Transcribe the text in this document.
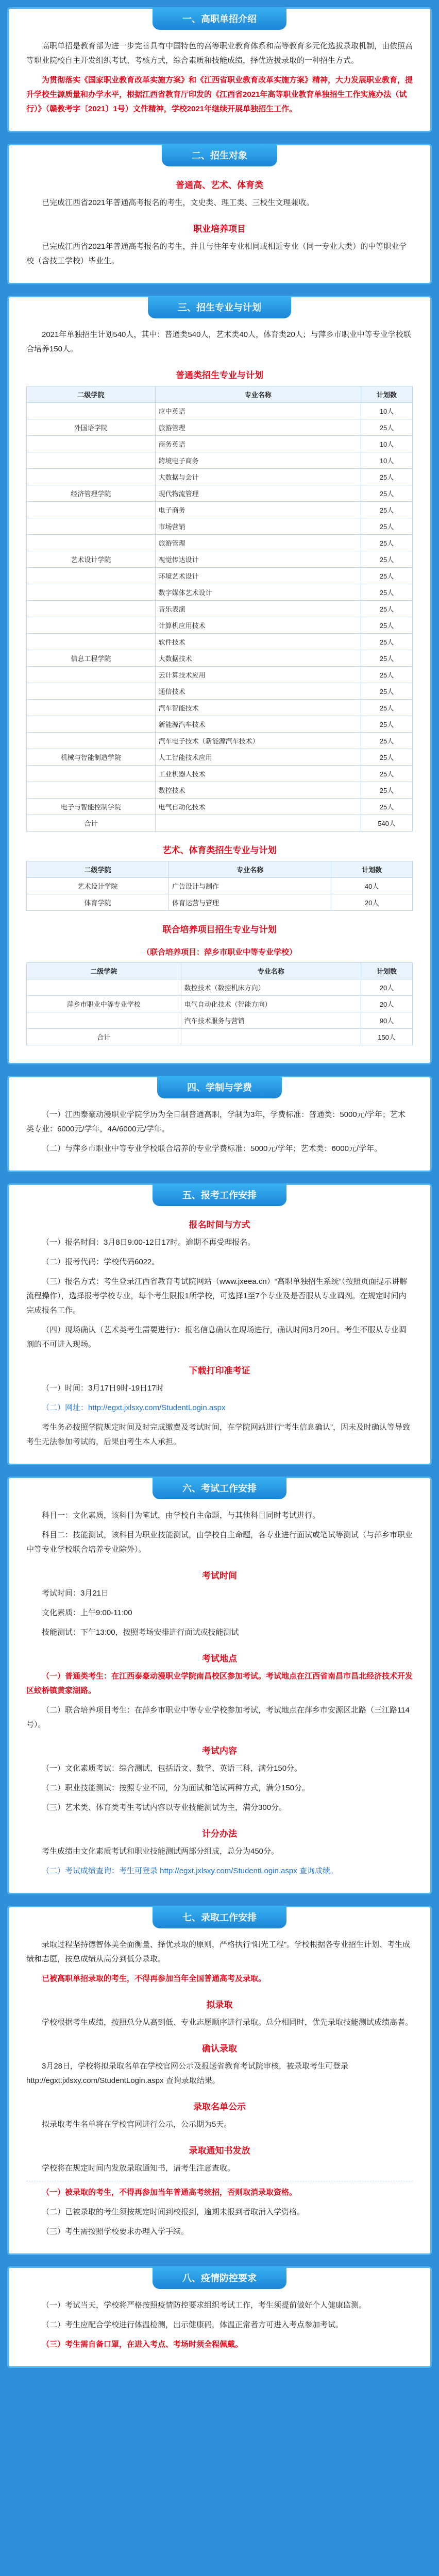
一、高职单招介绍

高职单招是教育部为进一步完善具有中国特色的高等职业教育体系和高等教育多元化选拔录取机制，由依照高等职业院校自主开发组织考试、考核方式，综合素质和技能成绩，择优选拔录取的一种招生方式。

为贯彻落实《国家职业教育改革实施方案》和《江西省职业教育改革实施方案》精神，大力发展职业教育，提升学校生源质量和办学水平，根据江西省教育厅印发的《江西省2021年高等职业教育单独招生工作实施办法（试行）》（赣教考字〔2021〕1号）文件精神，学校2021年继续开展单独招生工作。

二、招生对象
普通高、艺术、体育类

已完成江西省2021年普通高考报名的考生，文史类、理工类、三校生文理兼收。

职业培养项目

已完成江西省2021年普通高考报名的考生，并且与往年专业相同或相近专业（同一专业大类）的中等职业学校（含技工学校）毕业生。

三、招生专业与计划

2021年单独招生计划540人，其中：普通类540人，艺术类40人，体育类20人；与萍乡市职业中等专业学校联合培养150人。

普通类招生专业与计划
二级学院	专业名称	计划数
	应中英语	10人
外国语学院	旅游管理	25人
	商务英语	10人
	跨境电子商务	10人
	大数据与会计	25人
经济管理学院	现代物流管理	25人
	电子商务	25人
	市场营销	25人
	旅游管理	25人
艺术设计学院	视觉传达设计	25人
	环境艺术设计	25人
	数字媒体艺术设计	25人
	音乐表演	25人
	计算机应用技术	25人
	软件技术	25人
信息工程学院	大数据技术	25人
	云计算技术应用	25人
	通信技术	25人
	汽车智能技术	25人
	新能源汽车技术	25人
	汽车电子技术（新能源汽车技术）	25人
机械与智能制造学院	人工智能技术应用	25人
	工业机器人技术	25人
	数控技术	25人
电子与智能控制学院	电气自动化技术	25人
合计		540人
艺术、体育类招生专业与计划
二级学院	专业名称	计划数
艺术设计学院	广告设计与制作	40人
体育学院	体育运营与管理	20人
联合培养项目招生专业与计划
（联合培养项目：萍乡市职业中等专业学校）
二级学院	专业名称	计划数
	数控技术（数控机床方向）	20人
萍乡市职业中等专业学校	电气自动化技术（智能方向）	20人
	汽车技术服务与营销	90人
合计		150人
四、学制与学费

（一）江西泰豪动漫职业学院学历为全日制普通高职，学制为3年，学费标准：普通类：5000元/学年；艺术类专业：6000元/学年，4A/6000元/学年。

（二）与萍乡市职业中等专业学校联合培养的专业学费标准：5000元/学年；艺术类：6000元/学年。

五、报考工作安排
报名时间与方式

（一）报名时间：3月8日9:00-12日17时。逾期不再受理报名。

（二）报考代码：学校代码6022。

（三）报名方式：考生登录江西省教育考试院网站（www.jxeea.cn）“高职单独招生系统”（按照页面提示讲解流程操作），选择报考学校专业，每个考生限报1所学校，可选择1至7个专业及是否服从专业调剂。在规定时间内完成报名工作。

（四）现场确认（艺术类考生需要进行）：报名信息确认在现场进行，确认时间3月20日。考生不服从专业调剂的不可进入现场。

下载打印准考证

（一）时间：3月17日9时-19日17时

（二）网址：http://egxt.jxlsxy.com/StudentLogin.aspx

考生务必按照学院规定时间及时完成缴费及考试时间，在学院网站进行“考生信息确认”，因未及时确认等导致考生无法参加考试的，后果由考生本人承担。

六、考试工作安排

科目一：文化素质，该科目为笔试，由学校自主命题，与其他科目同时考试进行。

科目二：技能测试，该科目为职业技能测试，由学校自主命题，各专业进行面试或笔试等测试（与萍乡市职业中等专业学校联合培养专业除外）。

考试时间

考试时间：3月21日

文化素质：上午9:00-11:00

技能测试：下午13:00，按照考场安排进行面试或技能测试

考试地点

（一）普通类考生：在江西泰豪动漫职业学院南昌校区参加考试。考试地点在江西省南昌市昌北经济技术开发区蛟桥镇黄家湖路。

（二）联合培养项目考生：在萍乡市职业中等专业学校参加考试，考试地点在萍乡市安源区北路（三江路114号）。

考试内容

（一）文化素质考试：综合测试，包括语文、数学、英语三科，满分150分。

（二）职业技能测试：按照专业不同，分为面试和笔试两种方式，满分150分。

（三）艺术类、体育类考生考试内容以专业技能测试为主，满分300分。

计分办法

考生成绩由文化素质考试和职业技能测试两部分组成，总分为450分。

（二）考试成绩查询：考生可登录 http://egxt.jxlsxy.com/StudentLogin.aspx 查询成绩。

七、录取工作安排

录取过程坚持德智体美全面衡量、择优录取的原则，严格执行“阳光工程”。学校根据各专业招生计划、考生成绩和志愿，按总成绩从高分到低分录取。

已被高职单招录取的考生，不得再参加当年全国普通高考及录取。

拟录取

学校根据考生成绩，按照总分从高到低、专业志愿顺序进行录取。总分相同时，优先录取技能测试成绩高者。

确认录取

3月28日，学校将拟录取名单在学校官网公示及报送省教育考试院审核，被录取考生可登录 http://egxt.jxlsxy.com/StudentLogin.aspx 查询录取结果。

录取名单公示

拟录取考生名单将在学校官网进行公示，公示期为5天。

录取通知书发放

学校将在规定时间内发放录取通知书，请考生注意查收。

（一）被录取的考生，不得再参加当年普通高考统招，否则取消录取资格。

（二）已被录取的考生须按规定时间到校报到，逾期未报到者取消入学资格。

（三）考生需按照学校要求办理入学手续。

八、疫情防控要求

（一）考试当天，学校将严格按照疫情防控要求组织考试工作，考生须提前做好个人健康监测。

（二）考生应配合学校进行体温检测，出示健康码，体温正常者方可进入考点参加考试。

（三）考生需自备口罩，在进入考点、考场时须全程佩戴。
